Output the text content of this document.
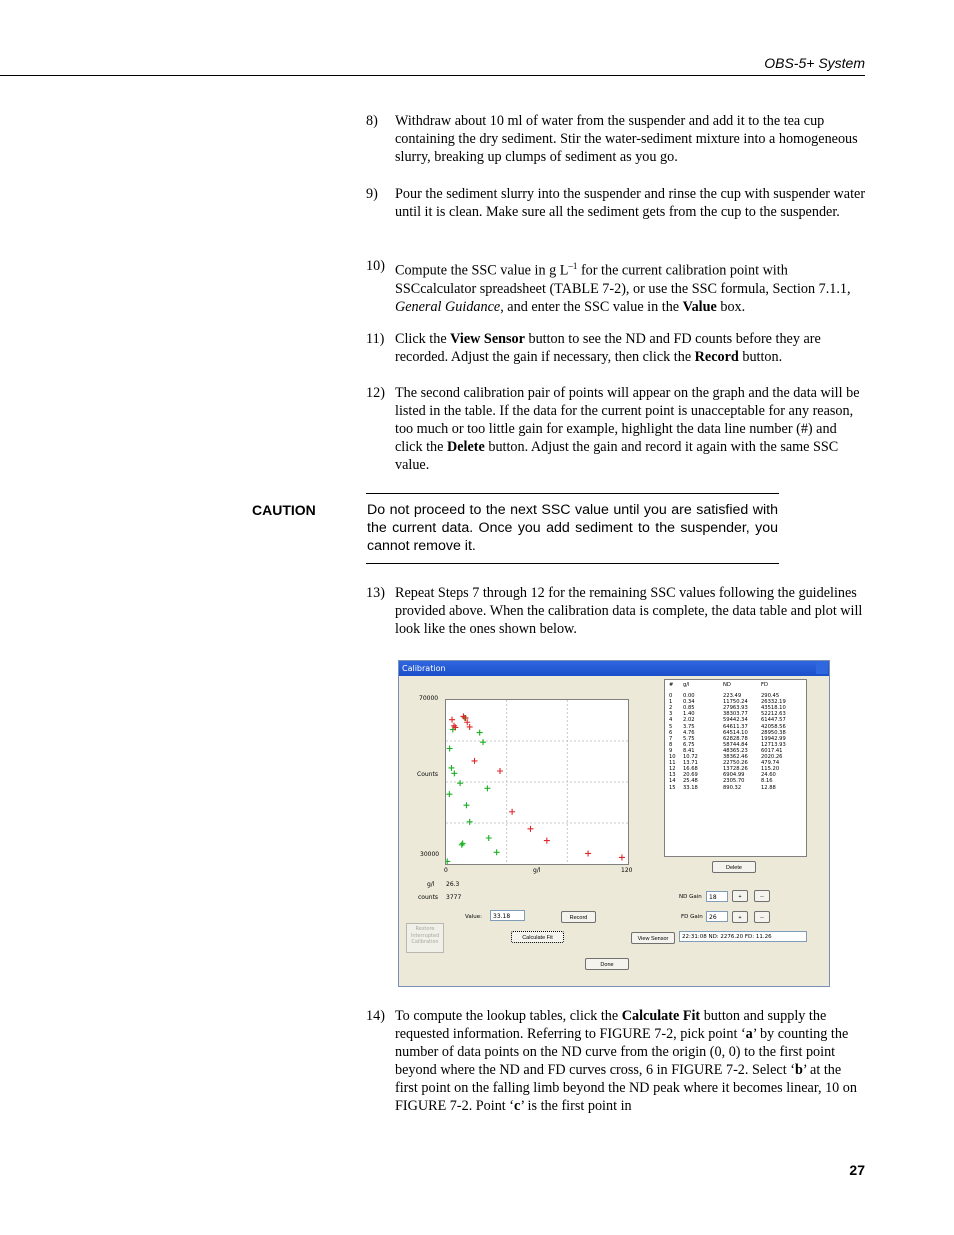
OBS-5+ System
8) Withdraw about 10 ml of water from the suspender and add it to the tea cup containing the dry sediment. Stir the water-sediment mixture into a homogeneous slurry, breaking up clumps of sediment as you go.
9) Pour the sediment slurry into the suspender and rinse the cup with suspender water until it is clean. Make sure all the sediment gets from the cup to the suspender.
10) Compute the SSC value in g $L^{-1}$ for the current calibration point with SSCcalculator spreadsheet (TABLE 7-2), or use the SSC formula, Section 7.1.1, General Guidance, and enter the SSC value in the Value box.
11) Click the View Sensor button to see the ND and FD counts before they are recorded. Adjust the gain if necessary, then click the Record button.
12) The second calibration pair of points will appear on the graph and the data will be listed in the table. If the data for the current point is unacceptable for any reason, too much or too little gain for example, highlight the data line number (#) and click the Delete button. Adjust the gain and record it again with the same SSC value.
CAUTION	Do not proceed to the next SSC value until you are satisfied with the current data. Once you add sediment to the suspender, you cannot remove it.
13) Repeat Steps 7 through 12 for the remaining SSC values following the guidelines provided above. When the calibration data is complete, the data table and plot will look like the ones shown below.
Calibration
70000
Counts
30000
0	g/l	120
g/l 26.3
counts 3777
# g/l	ND	FD
0 0.00	223.49	290.45
1 0.34	11750.24	26332.19
2 0.85	27963.93	43518.10
3 1.40	38303.77	52212.63
4 2.02	59442.34	61447.57
5 3.75	64611.37	42058.56
6 4.76	64514.10	28950.38
7 5.75	62828.78	19942.99
8 6.75	58744.84	12713.93
9 8.41	48365.23	6017.41
10 10.72	38362.46	2020.26
11 13.71	22750.26	479.74
12 16.68	13728.26	115.20
13 20.69	6904.99	24.60
14 25.48	2305.70	8.16
15 33.18	890.32	12.88
Delete
ND Gain	18	+	--
FD Gain	26	+	--
Value:	33.18	Record
Restore
Interrupted
Calibration
Calculate Fit	View Sensor	22:31:08 ND: 2276.20 FD: 11.26
Done
14) To compute the lookup tables, click the Calculate Fit button and supply the requested information. Referring to FIGURE 7-2, pick point ‘a’ by counting the number of data points on the ND curve from the origin (0, 0) to the first point beyond where the ND and FD curves cross, 6 in FIGURE 7-2. Select ‘b’ at the first point on the falling limb beyond the ND peak where it becomes linear, 10 on FIGURE 7-2. Point ‘c’ is the first point in
27
